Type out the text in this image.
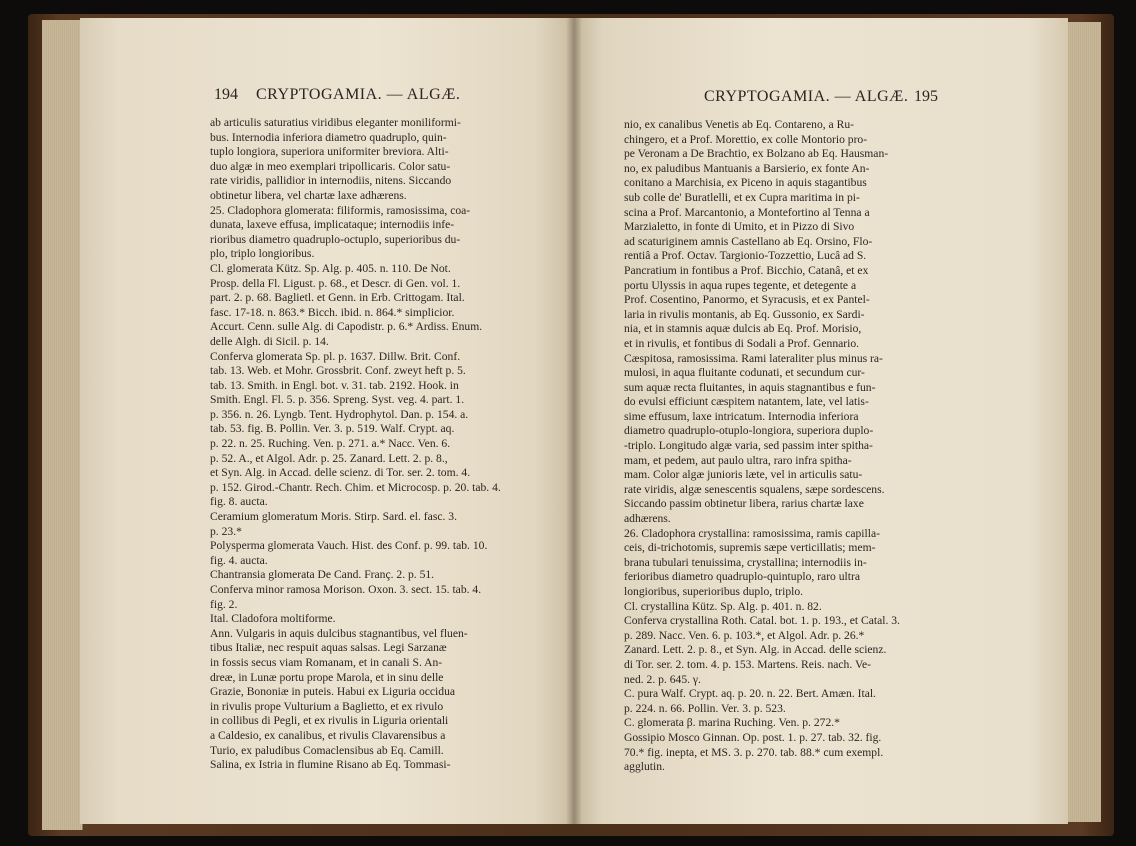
194 CRYPTOGAMIA. — ALGÆ.
ab articulis saturatius viridibus eleganter moniliformi-
bus. Internodia inferiora diametro quadruplo, quin-
tuplo longiora, superiora uniformiter breviora. Alti-
duo algæ in meo exemplari tripollicaris. Color satu-
rate viridis, pallidior in internodiis, nitens. Siccando
obtinetur libera, vel chartæ laxe adhærens.
25. Cladophora glomerata: filiformis, ramosissima, coa-
dunata, laxeve effusa, implicataque; internodiis infe-
rioribus diametro quadruplo-octuplo, superioribus du-
plo, triplo longioribus.
Cl. glomerata Kütz. Sp. Alg. p. 405. n. 110. De Not.
Prosp. della Fl. Ligust. p. 68., et Descr. di Gen. vol. 1.
part. 2. p. 68. Baglietl. et Genn. in Erb. Crittogam. Ital.
fasc. 17-18. n. 863.* Bicch. ibid. n. 864.* simplicior.
Accurt. Cenn. sulle Alg. di Capodistr. p. 6.* Ardiss. Enum.
delle Algh. di Sicil. p. 14.
Conferva glomerata Sp. pl. p. 1637. Dillw. Brit. Conf.
tab. 13. Web. et Mohr. Grossbrit. Conf. zweyt heft p. 5.
tab. 13. Smith. in Engl. bot. v. 31. tab. 2192. Hook. in
Smith. Engl. Fl. 5. p. 356. Spreng. Syst. veg. 4. part. 1.
p. 356. n. 26. Lyngb. Tent. Hydrophytol. Dan. p. 154. a.
tab. 53. fig. B. Pollin. Ver. 3. p. 519. Walf. Crypt. aq.
p. 22. n. 25. Ruching. Ven. p. 271. a.* Nacc. Ven. 6.
p. 52. A., et Algol. Adr. p. 25. Zanard. Lett. 2. p. 8.,
et Syn. Alg. in Accad. delle scienz. di Tor. ser. 2. tom. 4.
p. 152. Girod.-Chantr. Rech. Chim. et Microcosp. p. 20. tab. 4.
fig. 8. aucta.
Ceramium glomeratum Moris. Stirp. Sard. el. fasc. 3.
p. 23.*
Polysperma glomerata Vauch. Hist. des Conf. p. 99. tab. 10.
fig. 4. aucta.
Chantransia glomerata De Cand. Franç. 2. p. 51.
Conferva minor ramosa Morison. Oxon. 3. sect. 15. tab. 4.
fig. 2.
Ital. Cladofora moltiforme.
Ann. Vulgaris in aquis dulcibus stagnantibus, vel fluen-
tibus Italiæ, nec respuit aquas salsas. Legi Sarzanæ
in fossis secus viam Romanam, et in canali S. An-
dreæ, in Lunæ portu prope Marola, et in sinu delle
Grazie, Bononiæ in puteis. Habui ex Liguria occidua
in rivulis prope Vulturium a Baglietto, et ex rivulo
in collibus di Pegli, et ex rivulis in Liguria orientali
a Caldesio, ex canalibus, et rivulis Clavarensibus a
Turio, ex paludibus Comaclensibus ab Eq. Camill.
Salina, ex Istria in flumine Risano ab Eq. Tommasi-
CRYPTOGAMIA. — ALGÆ. 195
nio, ex canalibus Venetis ab Eq. Contareno, a Ru-
chingero, et a Prof. Morettio, ex colle Montorio pro-
pe Veronam a De Brachtio, ex Bolzano ab Eq. Hausman-
no, ex paludibus Mantuanis a Barsierio, ex fonte An-
conitano a Marchisia, ex Piceno in aquis stagantibus
sub colle de' Buratlelli, et ex Cupra maritima in pi-
scina a Prof. Marcantonio, a Montefortino al Tenna a
Marzialetto, in fonte di Umito, et in Pizzo di Sivo
ad scaturiginem amnis Castellano ab Eq. Orsino, Flo-
rentiâ a Prof. Octav. Targionio-Tozzettio, Lucâ ad S.
Pancratium in fontibus a Prof. Bicchio, Catanâ, et ex
portu Ulyssis in aqua rupes tegente, et detegente a
Prof. Cosentino, Panormo, et Syracusis, et ex Pantel-
laria in rivulis montanis, ab Eq. Gussonio, ex Sardi-
nia, et in stamnis aquæ dulcis ab Eq. Prof. Morisio,
et in rivulis, et fontibus di Sodali a Prof. Gennario.
Cæspitosa, ramosissima. Rami lateraliter plus minus ra-
mulosi, in aqua fluitante codunati, et secundum cur-
sum aquæ recta fluitantes, in aquis stagnantibus e fun-
do evulsi efficiunt cæspitem natantem, late, vel latis-
sime effusum, laxe intricatum. Internodia inferiora
diametro quadruplo-otuplo-longiora, superiora duplo-
-triplo. Longitudo algæ varia, sed passim inter spitha-
mam, et pedem, aut paulo ultra, raro infra spitha-
mam. Color algæ junioris læte, vel in articulis satu-
rate viridis, algæ senescentis squalens, sæpe sordescens.
Siccando passim obtinetur libera, rarius chartæ laxe
adhærens.
26. Cladophora crystallina: ramosissima, ramis capilla-
ceis, di-trichotomis, supremis sæpe verticillatis; mem-
brana tubulari tenuissima, crystallina; internodiis in-
ferioribus diametro quadruplo-quintuplo, raro ultra
longioribus, superioribus duplo, triplo.
Cl. crystallina Kütz. Sp. Alg. p. 401. n. 82.
Conferva crystallina Roth. Catal. bot. 1. p. 193., et Catal. 3.
p. 289. Nacc. Ven. 6. p. 103.*, et Algol. Adr. p. 26.*
Zanard. Lett. 2. p. 8., et Syn. Alg. in Accad. delle scienz.
di Tor. ser. 2. tom. 4. p. 153. Martens. Reis. nach. Ve-
ned. 2. p. 645. γ.
C. pura Walf. Crypt. aq. p. 20. n. 22. Bert. Amæn. Ital.
p. 224. n. 66. Pollin. Ver. 3. p. 523.
C. glomerata β. marina Ruching. Ven. p. 272.*
Gossipio Mosco Ginnan. Op. post. 1. p. 27. tab. 32. fig.
70.* fig. inepta, et MS. 3. p. 270. tab. 88.* cum exempl.
agglutin.
